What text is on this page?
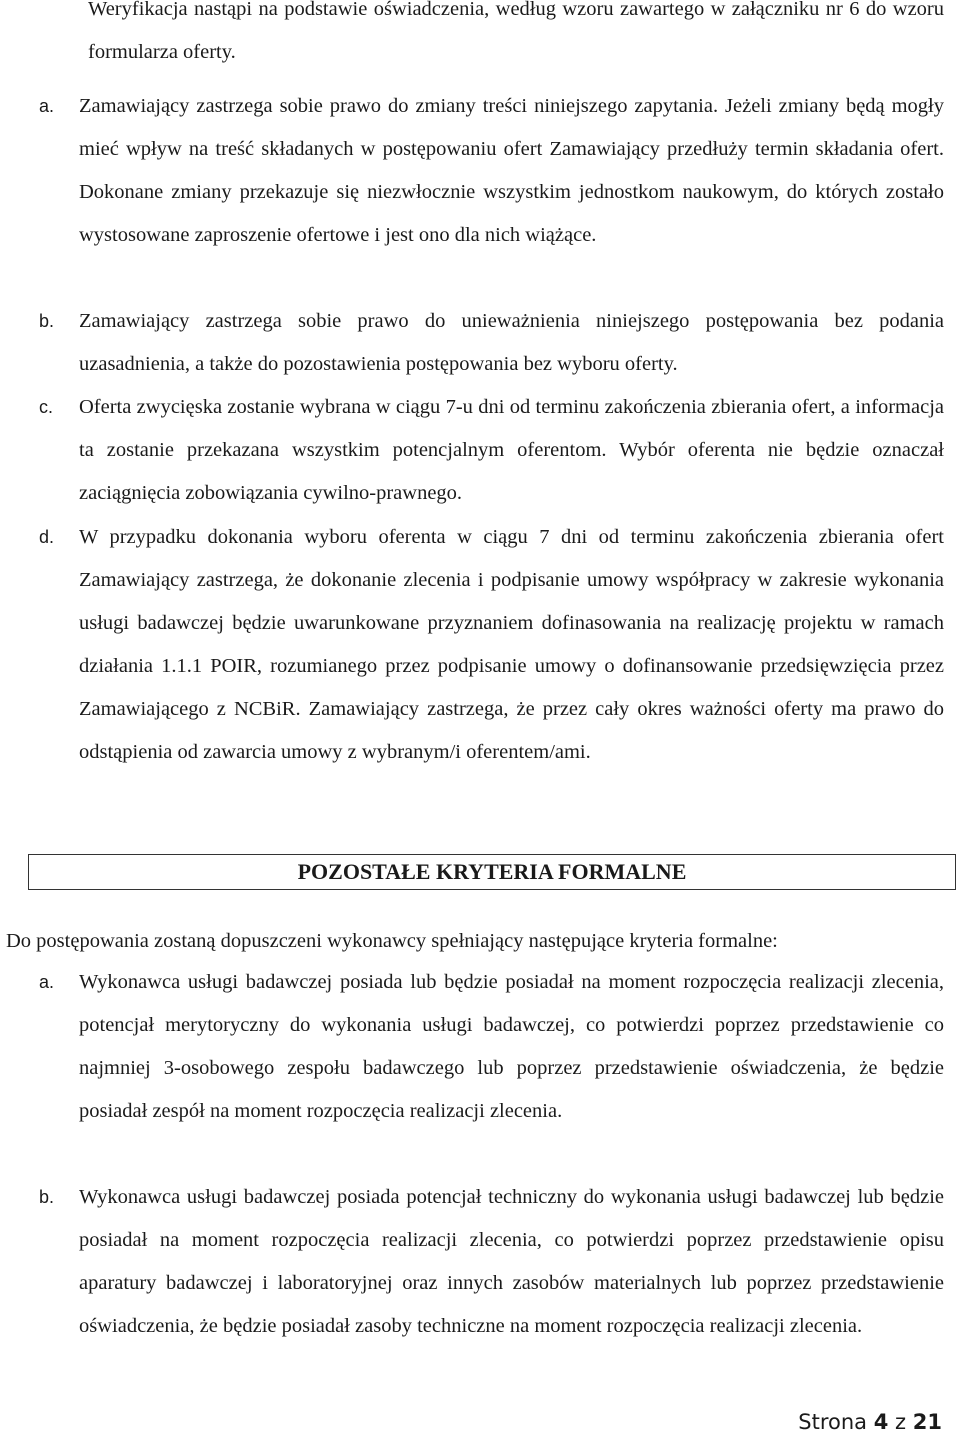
Weryfikacja nastąpi na podstawie oświadczenia, według wzoru zawartego w załączniku nr 6 do wzoru formularza oferty.

a. Zamawiający zastrzega sobie prawo do zmiany treści niniejszego zapytania. Jeżeli zmiany będą mogły mieć wpływ na treść składanych w postępowaniu ofert Zamawiający przedłuży termin składania ofert. Dokonane zmiany przekazuje się niezwłocznie wszystkim jednostkom naukowym, do których zostało wystosowane zaproszenie ofertowe i jest ono dla nich wiążące.

b. Zamawiający zastrzega sobie prawo do unieważnienia niniejszego postępowania bez podania uzasadnienia, a także do pozostawienia postępowania bez wyboru oferty.

c. Oferta zwycięska zostanie wybrana w ciągu 7-u dni od terminu zakończenia zbierania ofert, a informacja ta zostanie przekazana wszystkim potencjalnym oferentom. Wybór oferenta nie będzie oznaczał zaciągnięcia zobowiązania cywilno-prawnego.

d. W przypadku dokonania wyboru oferenta w ciągu 7 dni od terminu zakończenia zbierania ofert Zamawiający zastrzega, że dokonanie zlecenia i podpisanie umowy współpracy w zakresie wykonania usługi badawczej będzie uwarunkowane przyznaniem dofinasowania na realizację projektu w ramach działania 1.1.1 POIR, rozumianego przez podpisanie umowy o dofinansowanie przedsięwzięcia przez Zamawiającego z NCBiR. Zamawiający zastrzega, że przez cały okres ważności oferty ma prawo do odstąpienia od zawarcia umowy z wybranym/i oferentem/ami.

POZOSTAŁE KRYTERIA FORMALNE

Do postępowania zostaną dopuszczeni wykonawcy spełniający następujące kryteria formalne:

a. Wykonawca usługi badawczej posiada lub będzie posiadał na moment rozpoczęcia realizacji zlecenia, potencjał merytoryczny do wykonania usługi badawczej, co potwierdzi poprzez przedstawienie co najmniej 3-osobowego zespołu badawczego lub poprzez przedstawienie oświadczenia, że będzie posiadał zespół na moment rozpoczęcia realizacji zlecenia.

b. Wykonawca usługi badawczej posiada potencjał techniczny do wykonania usługi badawczej lub będzie posiadał na moment rozpoczęcia realizacji zlecenia, co potwierdzi poprzez przedstawienie opisu aparatury badawczej i laboratoryjnej oraz innych zasobów materialnych lub poprzez przedstawienie oświadczenia, że będzie posiadał zasoby techniczne na moment rozpoczęcia realizacji zlecenia.

Strona 4 z 21
